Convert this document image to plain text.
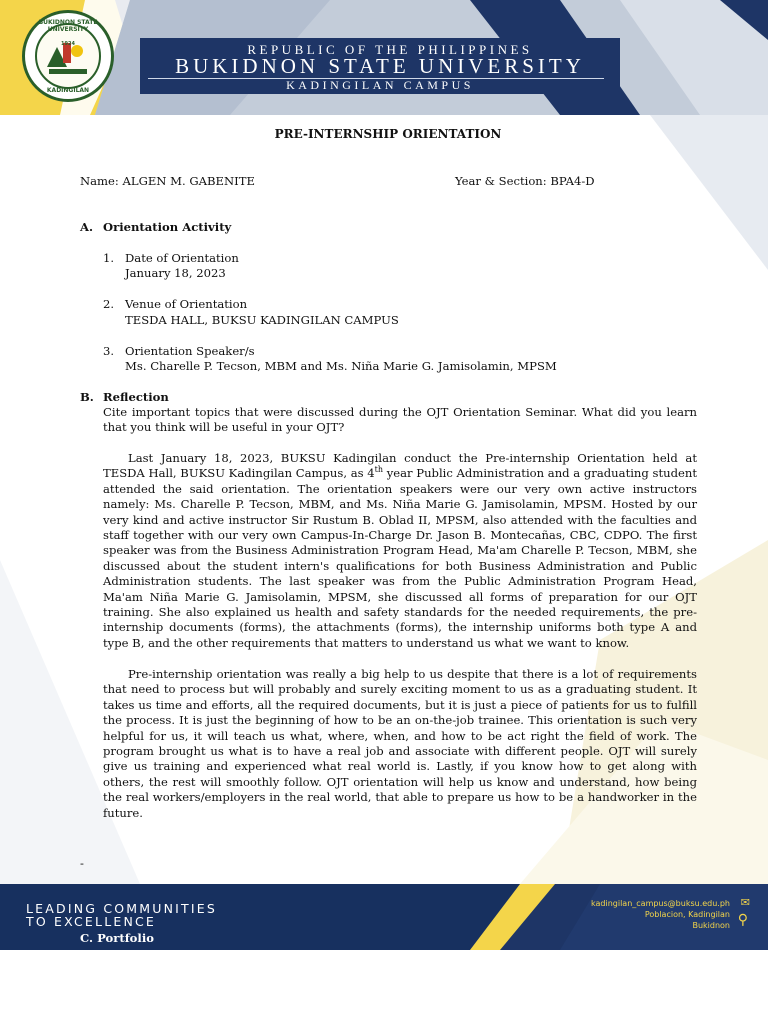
BUKIDNON STATE UNIVERSITY
1924
KADINGILAN
REPUBLIC OF THE PHILIPPINES
BUKIDNON STATE UNIVERSITY
KADINGILAN CAMPUS
PRE-INTERNSHIP ORIENTATION
Name: ALGEN M. GABENITE	Year & Section: BPA4-D
A. Orientation Activity
1. Date of Orientation
January 18, 2023
2. Venue of Orientation
TESDA HALL, BUKSU KADINGILAN CAMPUS
3. Orientation Speaker/s
Ms. Charelle P. Tecson, MBM and Ms. Niña Marie G. Jamisolamin, MPSM
B. Reflection
Cite important topics that were discussed during the OJT Orientation Seminar. What did you learn that you think will be useful in your OJT?
Last January 18, 2023, BUKSU Kadingilan conduct the Pre-internship Orientation held at TESDA Hall, BUKSU Kadingilan Campus, as 4th year Public Administration and a graduating student attended the said orientation. The orientation speakers were our very own active instructors namely: Ms. Charelle P. Tecson, MBM, and Ms. Niña Marie G. Jamisolamin, MPSM. Hosted by our very kind and active instructor Sir Rustum B. Oblad II, MPSM, also attended with the faculties and staff together with our very own Campus-In-Charge Dr. Jason B. Montecañas, CBC, CDPO. The first speaker was from the Business Administration Program Head, Ma'am Charelle P. Tecson, MBM, she discussed about the student intern's qualifications for both Business Administration and Public Administration students. The last speaker was from the Public Administration Program Head, Ma'am Niña Marie G. Jamisolamin, MPSM, she discussed all forms of preparation for our OJT training. She also explained us health and safety standards for the needed requirements, the pre-internship documents (forms), the attachments (forms), the internship uniforms both type A and type B, and the other requirements that matters to understand us what we want to know.
Pre-internship orientation was really a big help to us despite that there is a lot of requirements that need to process but will probably and surely exciting moment to us as a graduating student. It takes us time and efforts, all the required documents, but it is just a piece of patients for us to fulfill the process. It is just the beginning of how to be an on-the-job trainee. This orientation is such very helpful for us, it will teach us what, where, when, and how to be act right the field of work. The program brought us what is to have a real job and associate with different people. OJT will surely give us training and experienced what real world is. Lastly, if you know how to get along with others, the rest will smoothly follow. OJT orientation will help us know and understand, how being the real workers/employers in the real world, that able to prepare us how to be a handworker in the future.
-
LEADING COMMUNITIES
TO EXCELLENCE
kadingilan_campus@buksu.edu.ph
Poblacion, Kadingilan
Bukidnon
✉
⚲
C. Portfolio
